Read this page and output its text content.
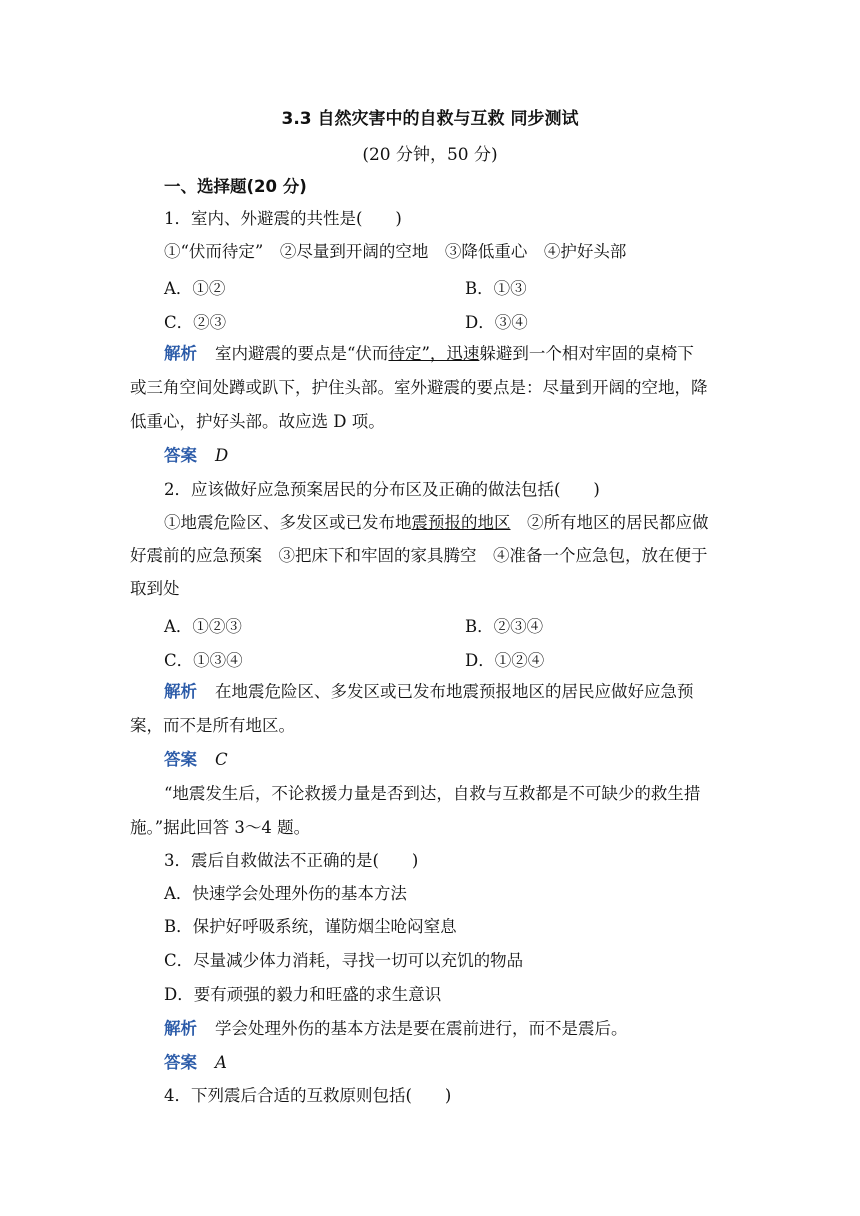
3.3 自然灾害中的自救与互救 同步测试
(20 分钟，50 分)
一、选择题(20 分)
1．室内、外避震的共性是(　　)
①“伏而待定”　②尽量到开阔的空地　③降低重心　④护好头部
A．①②	B．①③
C．②③	D．③④
解析 室内避震的要点是“伏而待定”，迅速躲避到一个相对牢固的桌椅下
或三角空间处蹲或趴下，护住头部。室外避震的要点是：尽量到开阔的空地，降
低重心，护好头部。故应选 D 项。
答案 D
2．应该做好应急预案居民的分布区及正确的做法包括(　　)
①地震危险区、多发区或已发布地震预报的地区　②所有地区的居民都应做
好震前的应急预案　③把床下和牢固的家具腾空　④准备一个应急包，放在便于
取到处
A．①②③	B．②③④
C．①③④	D．①②④
解析 在地震危险区、多发区或已发布地震预报地区的居民应做好应急预
案，而不是所有地区。
答案 C
“地震发生后，不论救援力量是否到达，自救与互救都是不可缺少的救生措
施。”据此回答 3～4 题。
3．震后自救做法不正确的是(　　)
A．快速学会处理外伤的基本方法
B．保护好呼吸系统，谨防烟尘呛闷窒息
C．尽量减少体力消耗，寻找一切可以充饥的物品
D．要有顽强的毅力和旺盛的求生意识
解析 学会处理外伤的基本方法是要在震前进行，而不是震后。
答案 A
4．下列震后合适的互救原则包括(　　)
